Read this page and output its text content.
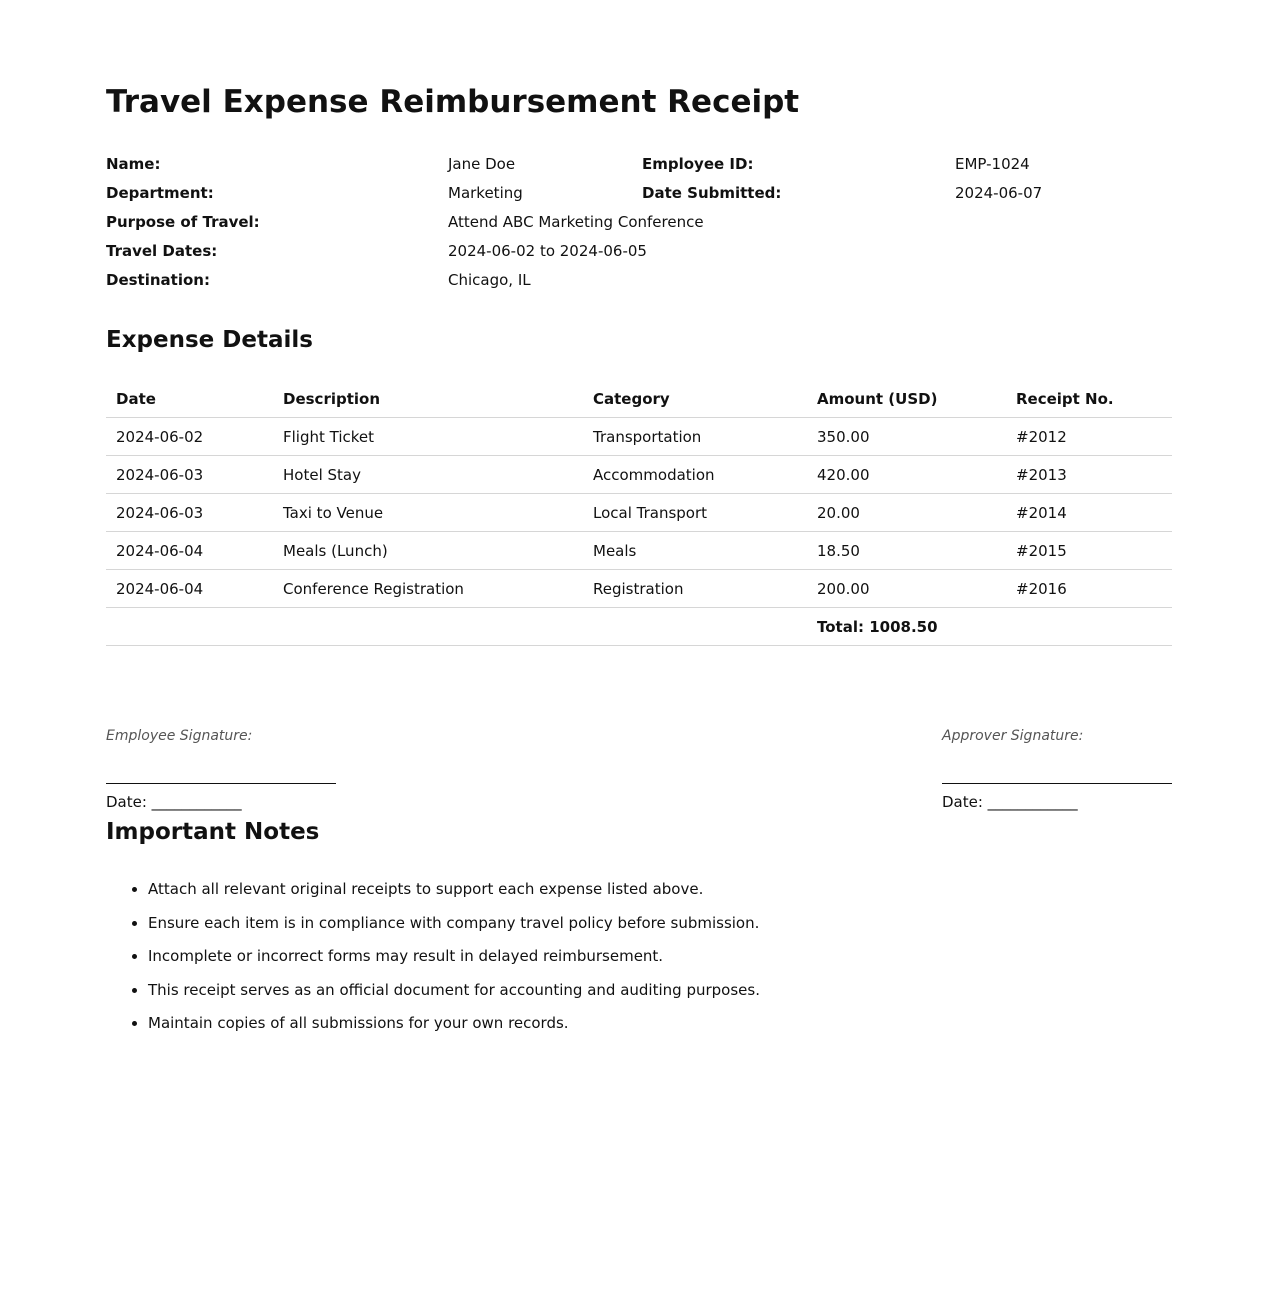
Travel Expense Reimbursement Receipt
Name:	Jane Doe	Employee ID:	EMP-1024
Department:	Marketing	Date Submitted:	2024-06-07
Purpose of Travel:	Attend ABC Marketing Conference
Travel Dates:	2024-06-02 to 2024-06-05
Destination:	Chicago, IL
Expense Details
Date	Description	Category	Amount (USD)	Receipt No.
2024-06-02	Flight Ticket	Transportation	350.00	#2012
2024-06-03	Hotel Stay	Accommodation	420.00	#2013
2024-06-03	Taxi to Venue	Local Transport	20.00	#2014
2024-06-04	Meals (Lunch)	Meals	18.50	#2015
2024-06-04	Conference Registration	Registration	200.00	#2016
			Total: 1008.50	
Employee Signature:
Date: ____________
Approver Signature:
Date: ____________
Important Notes
• Attach all relevant original receipts to support each expense listed above.
• Ensure each item is in compliance with company travel policy before submission.
• Incomplete or incorrect forms may result in delayed reimbursement.
• This receipt serves as an official document for accounting and auditing purposes.
• Maintain copies of all submissions for your own records.
